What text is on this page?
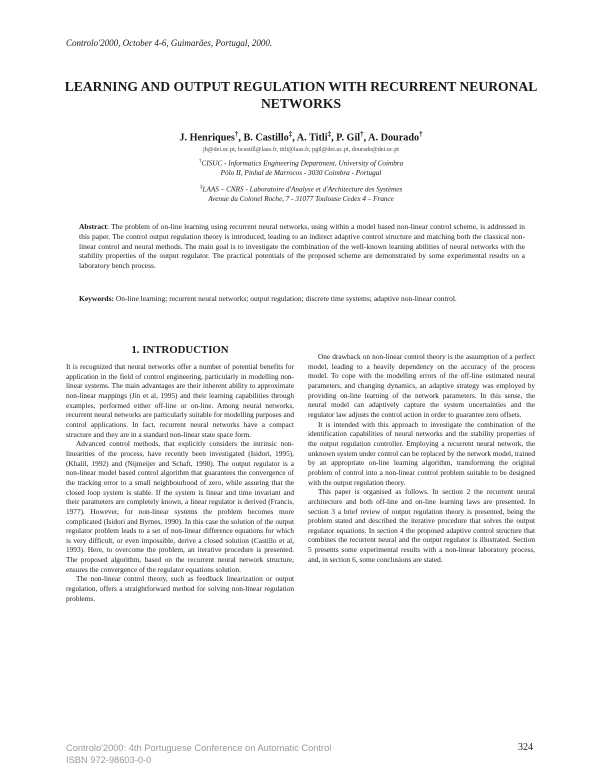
Controlo'2000, October 4-6, Guimarães, Portugal, 2000.
LEARNING AND OUTPUT REGULATION WITH RECURRENT NEURONAL NETWORKS
J. Henriques†, B. Castillo‡, A. Titli‡, P. Gil†, A. Dourado†
jh@dei.uc.pt, bcastill@laas.fr, titli@laas.fr, pgil@dei.uc.pt, dourado@dei.uc.pt
†CISUC - Informatics Engineering Department, University of Coimbra
Pólo II, Pinhal de Marrocos - 3030 Coimbra - Portugal
‡LAAS – CNRS - Laboratoire d'Analyse et d'Architecture des Systèmes
Avenue du Colonel Roche, 7 - 31077 Toulouse Cedex 4 – France
Abstract: The problem of on-line learning using recurrent neural networks, using within a model based non-linear control scheme, is addressed in this paper. The control output regulation theory is introduced, leading to an indirect adaptive control structure and matching both the classical non-linear control and neural methods. The main goal is to investigate the combination of the well-known learning abilities of neural networks with the stability properties of the output regulator. The practical potentials of the proposed scheme are demonstrated by some experimental results on a laboratory bench process.
Keywords: On-line learning; recurrent neural networks; output regulation; discrete time systems; adaptive non-linear control.
1. INTRODUCTION

It is recognized that neural networks offer a number of potential benefits for application in the field of control engineering, particularly in modelling non-linear systems. The main advantages are their inherent ability to approximate non-linear mappings (Jin et al, 1995) and their learning capabilities through examples, performed either off-line or on-line. Among neural networks, recurrent neural networks are particularly suitable for modelling purposes and control applications. In fact, recurrent neural networks have a compact structure and they are in a standard non-linear state space form.

Advanced control methods, that explicitly considers the intrinsic non-linearities of the process, have recently been investigated (Isidori, 1995), (Khalil, 1992) and (Nijmeijer and Schaft, 1990). The output regulator is a non-linear model based control algorithm that guarantees the convergence of the tracking error to a small neighbourhood of zero, while assuring that the closed loop system is stable. If the system is linear and time invariant and their parameters are completely known, a linear regulator is derived (Francis, 1977). However, for non-linear systems the problem becomes more complicated (Isidori and Byrnes, 1990). In this case the solution of the output regulator problem leads to a set of non-linear difference equations for which is very difficult, or even impossible, derive a closed solution (Castillo et al, 1993). Here, to overcome the problem, an iterative procedure is presented. The proposed algorithm, based on the recurrent neural network structure, ensures the convergence of the regulator equations solution.

The non-linear control theory, such as feedback linearization or output regulation, offers a straightforward method for solving non-linear regulation problems.

One drawback on non-linear control theory is the assumption of a perfect model, leading to a heavily dependency on the accuracy of the process model. To cope with the modelling errors of the off-line estimated neural parameters, and changing dynamics, an adaptive strategy was employed by providing on-line learning of the network parameters. In this sense, the neural model can adaptively capture the system uncertainties and the regulator law adjusts the control action in order to guarantee zero offsets.

It is intended with this approach to investigate the combination of the identification capabilities of neural networks and the stability properties of the output regulation controller. Employing a recurrent neural network, the unknown system under control can be replaced by the network model, trained by an appropriate on-line learning algorithm, transforming the original problem of control into a non-linear control problem suitable to be designed with the output regulation theory.

This paper is organised as follows. In section 2 the recurrent neural architecture and both off-line and on-line learning laws are presented. In section 3 a brief review of output regulation theory is presented, being the problem stated and described the iterative procedure that solves the output regulator equations. In section 4 the proposed adaptive control structure that combines the recurrent neural and the output regulator is illustrated. Section 5 presents some experimental results with a non-linear laboratory process, and, in section 6, some conclusions are stated.

Controlo'2000: 4th Portuguese Conference on Automatic Control
ISBN 972-98603-0-0
324
